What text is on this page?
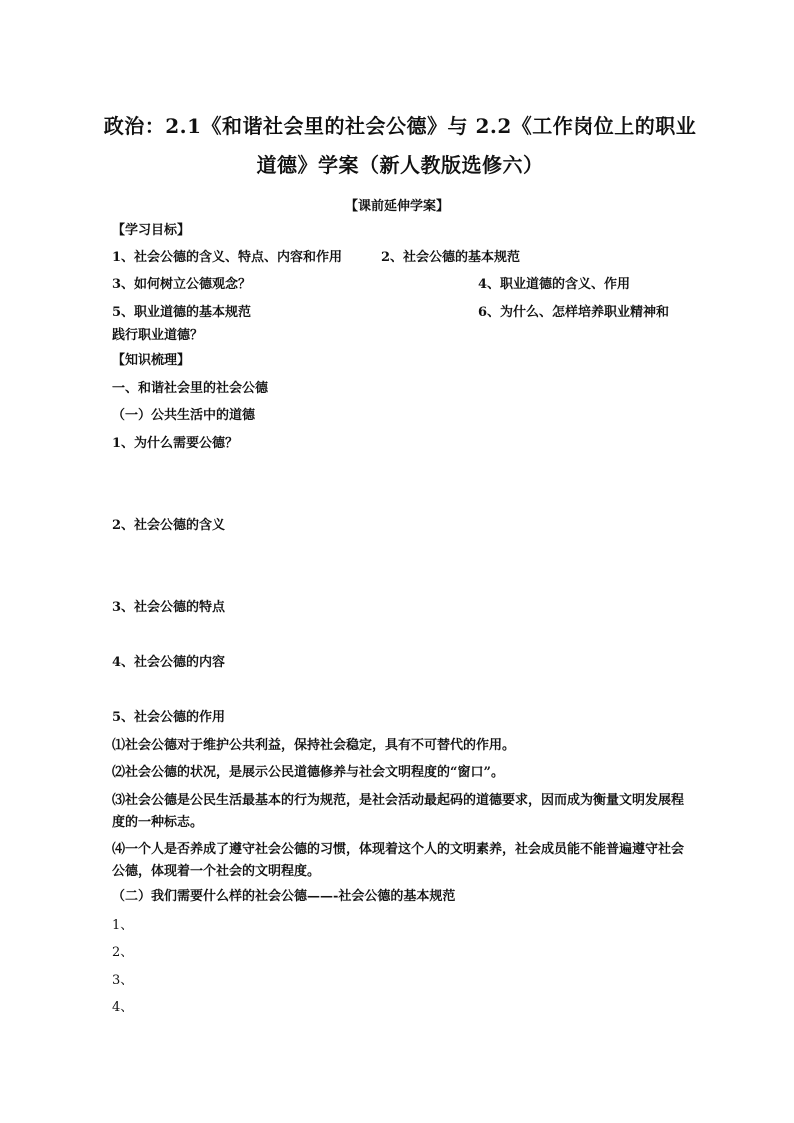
政治：2.1《和谐社会里的社会公德》与 2.2《工作岗位上的职业
道德》学案（新人教版选修六）
【课前延伸学案】
【学习目标】
1、社会公德的含义、特点、内容和作用	2、社会公德的基本规范
3、如何树立公德观念？	4、职业道德的含义、作用
5、职业道德的基本规范	6、为什么、怎样培养职业精神和
践行职业道德？
【知识梳理】
一、和谐社会里的社会公德
（一）公共生活中的道德
1、为什么需要公德？
2、社会公德的含义
3、社会公德的特点
4、社会公德的内容
5、社会公德的作用
⑴社会公德对于维护公共利益，保持社会稳定，具有不可替代的作用。
⑵社会公德的状况，是展示公民道德修养与社会文明程度的“窗口”。
⑶社会公德是公民生活最基本的行为规范，是社会活动最起码的道德要求，因而成为衡量文明发展程度的一种标志。
⑷一个人是否养成了遵守社会公德的习惯，体现着这个人的文明素养，社会成员能不能普遍遵守社会公德，体现着一个社会的文明程度。
（二）我们需要什么样的社会公德——-社会公德的基本规范
1、
2、
3、
4、
